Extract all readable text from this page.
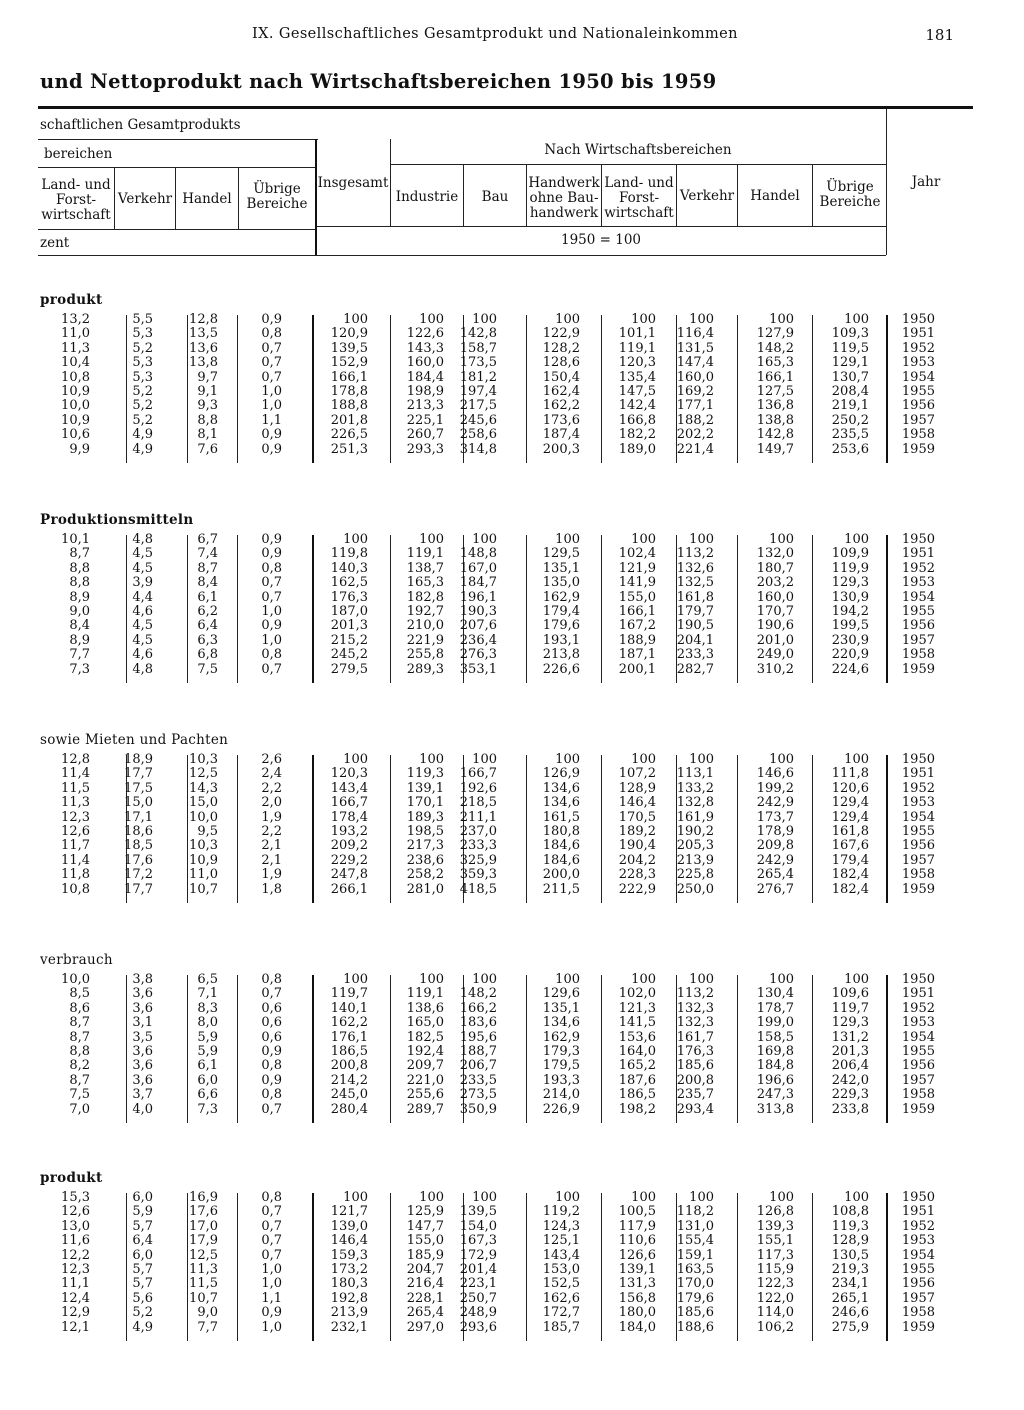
IX. Gesellschaftliches Gesamtprodukt und Nationaleinkommen	181
und Nettoprodukt nach Wirtschaftsbereichen 1950 bis 1959
schaftlichen Gesamtprodukts
bereichen	Nach Wirtschaftsbereichen
Land- und Forst-wirtschaft
Verkehr Handel
Übrige Bereiche
Insgesamt
Industrie	Bau
Handwerk ohne Bau-handwerk
Land- und Forst-wirtschaft
Verkehr	Handel
Übrige Bereiche
Jahr
zent	1950 = 100
produkt
13,2	5,5	12,8	0,9	100	100 100	100	100	100	100	100	1950
11,0	5,3	13,5	0,8	120,9	122,6 142,8	122,9	101,1 116,4	127,9	109,3	1951
11,3	5,2	13,6	0,7	139,5	143,3 158,7	128,2	119,1 131,5	148,2	119,5	1952
10,4	5,3	13,8	0,7	152,9	160,0 173,5	128,6	120,3 147,4	165,3	129,1	1953
10,8	5,3	9,7	0,7	166,1	184,4 181,2	150,4	135,4 160,0	166,1	130,7	1954
10,9	5,2	9,1	1,0	178,8	198,9 197,4	162,4	147,5 169,2	127,5	208,4	1955
10,0	5,2	9,3	1,0	188,8	213,3 217,5	162,2	142,4 177,1	136,8	219,1	1956
10,9	5,2	8,8	1,1	201,8	225,1 245,6	173,6	166,8 188,2	138,8	250,2	1957
10,6	4,9	8,1	0,9	226,5	260,7 258,6	187,4	182,2 202,2	142,8	235,5	1958
9,9	4,9	7,6	0,9	251,3	293,3 314,8	200,3	189,0 221,4	149,7	253,6	1959
Produktionsmitteln
10,1	4,8	6,7	0,9	100	100 100	100	100	100	100	100	1950
8,7	4,5	7,4	0,9	119,8	119,1 148,8	129,5	102,4 113,2	132,0	109,9	1951
8,8	4,5	8,7	0,8	140,3	138,7 167,0	135,1	121,9 132,6	180,7	119,9	1952
8,8	3,9	8,4	0,7	162,5	165,3 184,7	135,0	141,9 132,5	203,2	129,3	1953
8,9	4,4	6,1	0,7	176,3	182,8 196,1	162,9	155,0 161,8	160,0	130,9	1954
9,0	4,6	6,2	1,0	187,0	192,7 190,3	179,4	166,1 179,7	170,7	194,2	1955
8,4	4,5	6,4	0,9	201,3	210,0 207,6	179,6	167,2 190,5	190,6	199,5	1956
8,9	4,5	6,3	1,0	215,2	221,9 236,4	193,1	188,9 204,1	201,0	230,9	1957
7,7	4,6	6,8	0,8	245,2	255,8 276,3	213,8	187,1 233,3	249,0	220,9	1958
7,3	4,8	7,5	0,7	279,5	289,3 353,1	226,6	200,1 282,7	310,2	224,6	1959
sowie Mieten und Pachten
12,8	18,9	10,3	2,6	100	100 100	100	100	100	100	100	1950
11,4	17,7	12,5	2,4	120,3	119,3 166,7	126,9	107,2 113,1	146,6	111,8	1951
11,5	17,5	14,3	2,2	143,4	139,1 192,6	134,6	128,9 133,2	199,2	120,6	1952
11,3	15,0	15,0	2,0	166,7	170,1 218,5	134,6	146,4 132,8	242,9	129,4	1953
12,3	17,1	10,0	1,9	178,4	189,3 211,1	161,5	170,5 161,9	173,7	129,4	1954
12,6	18,6	9,5	2,2	193,2	198,5 237,0	180,8	189,2 190,2	178,9	161,8	1955
11,7	18,5	10,3	2,1	209,2	217,3 233,3	184,6	190,4 205,3	209,8	167,6	1956
11,4	17,6	10,9	2,1	229,2	238,6 325,9	184,6	204,2 213,9	242,9	179,4	1957
11,8	17,2	11,0	1,9	247,8	258,2 359,3	200,0	228,3 225,8	265,4	182,4	1958
10,8	17,7	10,7	1,8	266,1	281,0 418,5	211,5	222,9 250,0	276,7	182,4	1959
verbrauch
10,0	3,8	6,5	0,8	100	100 100	100	100	100	100	100	1950
8,5	3,6	7,1	0,7	119,7	119,1 148,2	129,6	102,0 113,2	130,4	109,6	1951
8,6	3,6	8,3	0,6	140,1	138,6 166,2	135,1	121,3 132,3	178,7	119,7	1952
8,7	3,1	8,0	0,6	162,2	165,0 183,6	134,6	141,5 132,3	199,0	129,3	1953
8,7	3,5	5,9	0,6	176,1	182,5 195,6	162,9	153,6 161,7	158,5	131,2	1954
8,8	3,6	5,9	0,9	186,5	192,4 188,7	179,3	164,0 176,3	169,8	201,3	1955
8,2	3,6	6,1	0,8	200,8	209,7 206,7	179,5	165,2 185,6	184,8	206,4	1956
8,7	3,6	6,0	0,9	214,2	221,0 233,5	193,3	187,6 200,8	196,6	242,0	1957
7,5	3,7	6,6	0,8	245,0	255,6 273,5	214,0	186,5 235,7	247,3	229,3	1958
7,0	4,0	7,3	0,7	280,4	289,7 350,9	226,9	198,2 293,4	313,8	233,8	1959
produkt
15,3	6,0	16,9	0,8	100	100 100	100	100	100	100	100	1950
12,6	5,9	17,6	0,7	121,7	125,9 139,5	119,2	100,5 118,2	126,8	108,8	1951
13,0	5,7	17,0	0,7	139,0	147,7 154,0	124,3	117,9 131,0	139,3	119,3	1952
11,6	6,4	17,9	0,7	146,4	155,0 167,3	125,1	110,6 155,4	155,1	128,9	1953
12,2	6,0	12,5	0,7	159,3	185,9 172,9	143,4	126,6 159,1	117,3	130,5	1954
12,3	5,7	11,3	1,0	173,2	204,7 201,4	153,0	139,1 163,5	115,9	219,3	1955
11,1	5,7	11,5	1,0	180,3	216,4 223,1	152,5	131,3 170,0	122,3	234,1	1956
12,4	5,6	10,7	1,1	192,8	228,1 250,7	162,6	156,8 179,6	122,0	265,1	1957
12,9	5,2	9,0	0,9	213,9	265,4 248,9	172,7	180,0 185,6	114,0	246,6	1958
12,1	4,9	7,7	1,0	232,1	297,0 293,6	185,7	184,0 188,6	106,2	275,9	1959
